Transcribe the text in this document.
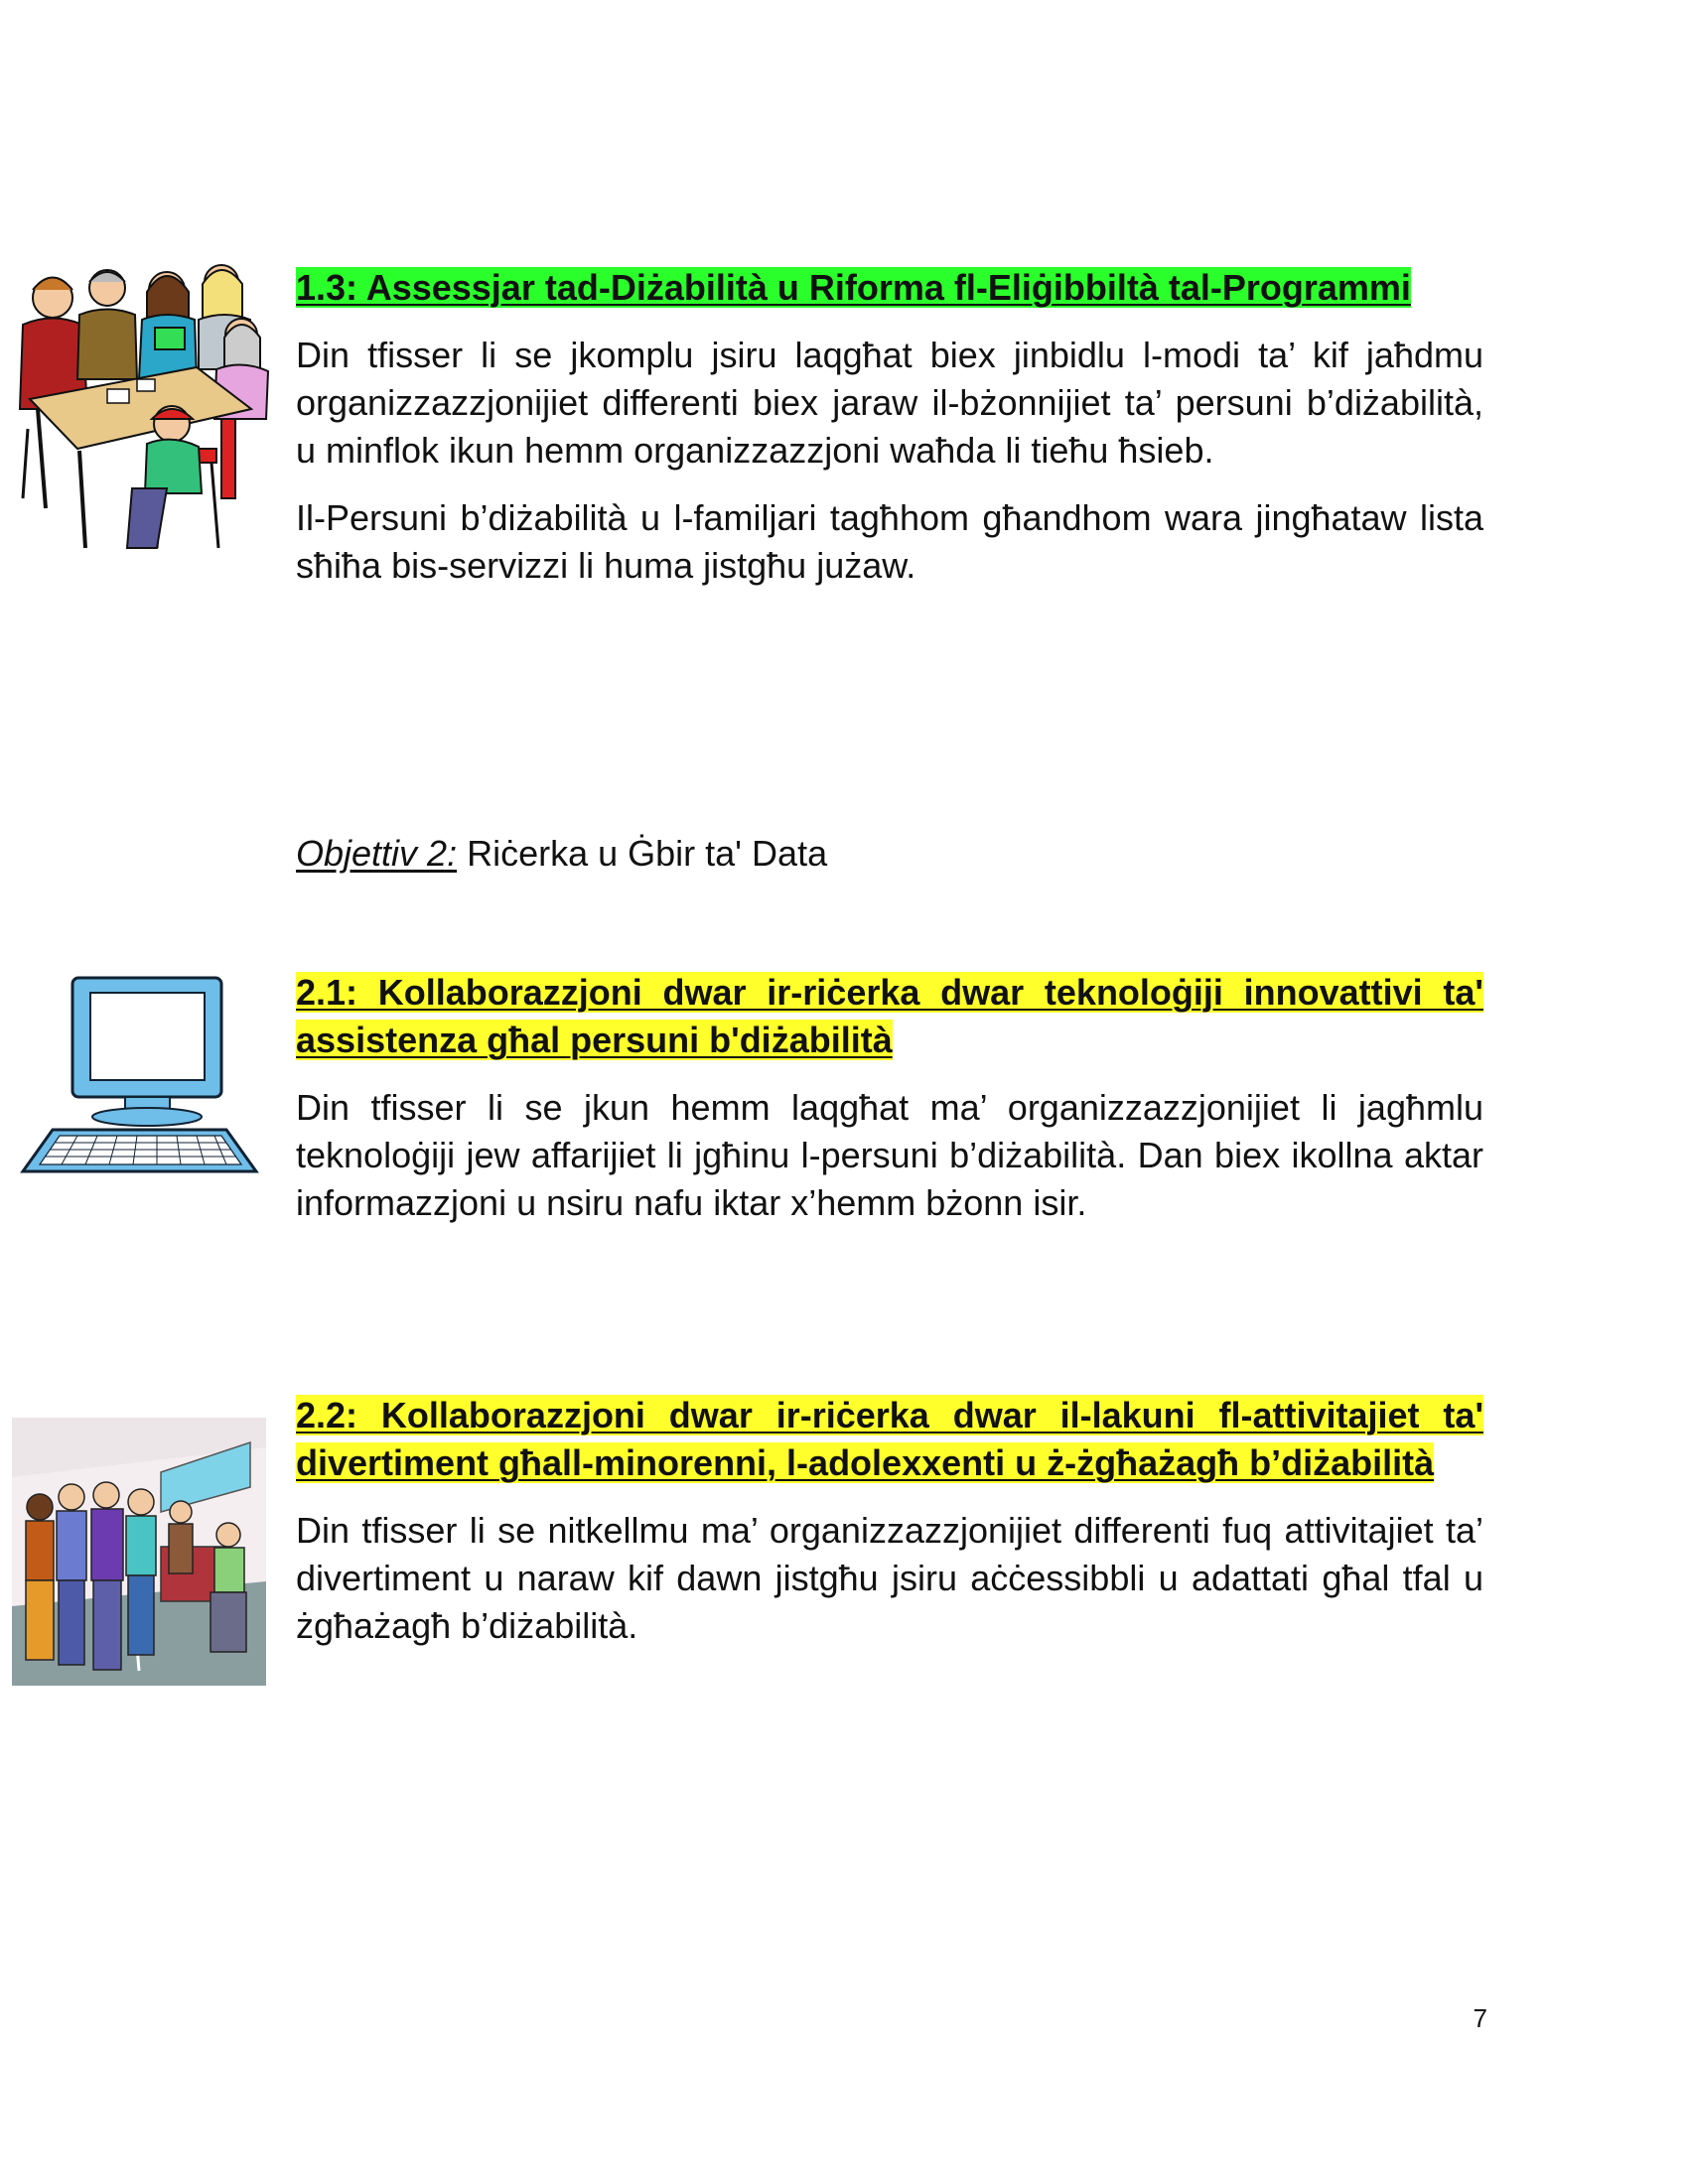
1.3: Assessjar tad-Diżabilità u Riforma fl-Eliġibbiltà tal-Programmi

Din tfisser li se jkomplu jsiru laqgħat biex jinbidlu l-modi ta’ kif jaħdmu organizzazzjonijiet differenti biex jaraw il-bżonnijiet ta’ persuni b’diżabilità, u minflok ikun hemm organizzazzjoni waħda li tieħu ħsieb.

Il-Persuni b’diżabilità u l-familjari tagħhom għandhom wara jingħataw lista sħiħa bis-servizzi li huma jistgħu jużaw.

Objettiv 2: Riċerka u Ġbir ta' Data
2.1: Kollaborazzjoni dwar ir-riċerka dwar teknoloġiji innovattivi ta' assistenza għal persuni b'diżabilità

Din tfisser li se jkun hemm laqgħat ma’ organizzazzjonijiet li jagħmlu teknoloġiji jew affarijiet li jgħinu l-persuni b’diżabilità. Dan biex ikollna aktar informazzjoni u nsiru nafu iktar x’hemm bżonn isir.

2.2: Kollaborazzjoni dwar ir-riċerka dwar il-lakuni fl-attivitajiet ta' divertiment għall-minorenni, l-adolexxenti u ż-żgħażagħ b’diżabilità

Din tfisser li se nitkellmu ma’ organizzazzjonijiet differenti fuq attivitajiet ta’ divertiment u naraw kif dawn jistgħu jsiru aċċessibbli u adattati għal tfal u żgħażagħ b’diżabilità.

7
